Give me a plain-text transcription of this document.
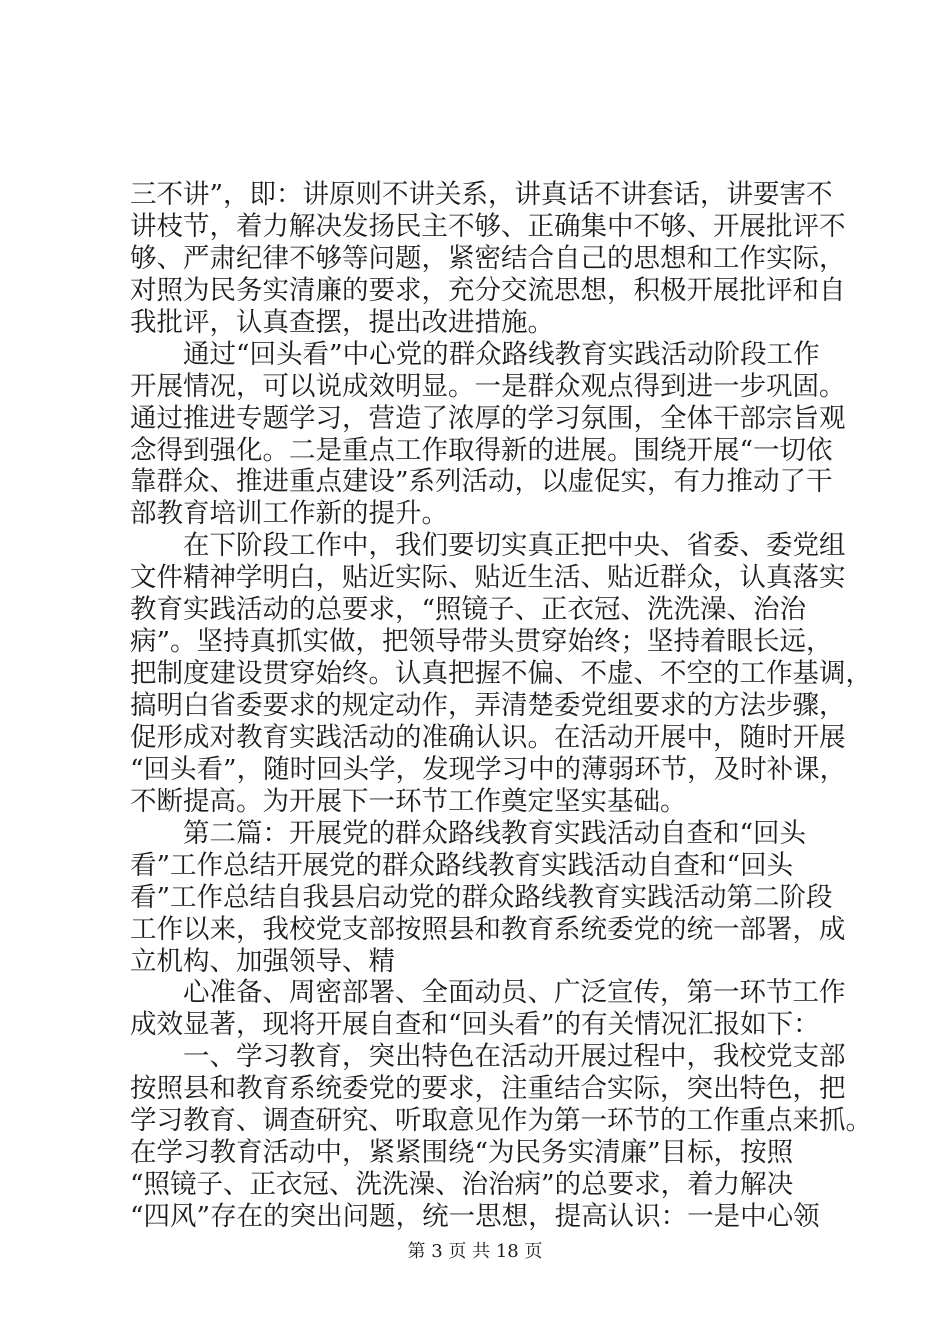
三不讲”，即：讲原则不讲关系，讲真话不讲套话，讲要害不
讲枝节，着力解决发扬民主不够、正确集中不够、开展批评不
够、严肃纪律不够等问题，紧密结合自己的思想和工作实际，
对照为民务实清廉的要求，充分交流思想，积极开展批评和自
我批评，认真查摆，提出改进措施。
　　通过“回头看”中心党的群众路线教育实践活动阶段工作
开展情况，可以说成效明显。一是群众观点得到进一步巩固。
通过推进专题学习，营造了浓厚的学习氛围，全体干部宗旨观
念得到强化。二是重点工作取得新的进展。围绕开展“一切依
靠群众、推进重点建设”系列活动，以虚促实，有力推动了干
部教育培训工作新的提升。
　　在下阶段工作中，我们要切实真正把中央、省委、委党组
文件精神学明白，贴近实际、贴近生活、贴近群众，认真落实
教育实践活动的总要求，“照镜子、正衣冠、洗洗澡、治治
病”。坚持真抓实做，把领导带头贯穿始终；坚持着眼长远，
把制度建设贯穿始终。认真把握不偏、不虚、不空的工作基调，
搞明白省委要求的规定动作，弄清楚委党组要求的方法步骤，
促形成对教育实践活动的准确认识。在活动开展中，随时开展
“回头看”，随时回头学，发现学习中的薄弱环节，及时补课，
不断提高。为开展下一环节工作奠定坚实基础。
　　第二篇：开展党的群众路线教育实践活动自查和“回头
看”工作总结开展党的群众路线教育实践活动自查和“回头
看”工作总结自我县启动党的群众路线教育实践活动第二阶段
工作以来，我校党支部按照县和教育系统委党的统一部署，成
立机构、加强领导、精
　　心准备、周密部署、全面动员、广泛宣传，第一环节工作
成效显著，现将开展自查和“回头看”的有关情况汇报如下：
　　一、学习教育，突出特色在活动开展过程中，我校党支部
按照县和教育系统委党的要求，注重结合实际，突出特色，把
学习教育、调查研究、听取意见作为第一环节的工作重点来抓。
在学习教育活动中，紧紧围绕“为民务实清廉”目标，按照
“照镜子、正衣冠、洗洗澡、治治病”的总要求，着力解决
“四风”存在的突出问题，统一思想，提高认识：一是中心领
第 3 页 共 18 页
